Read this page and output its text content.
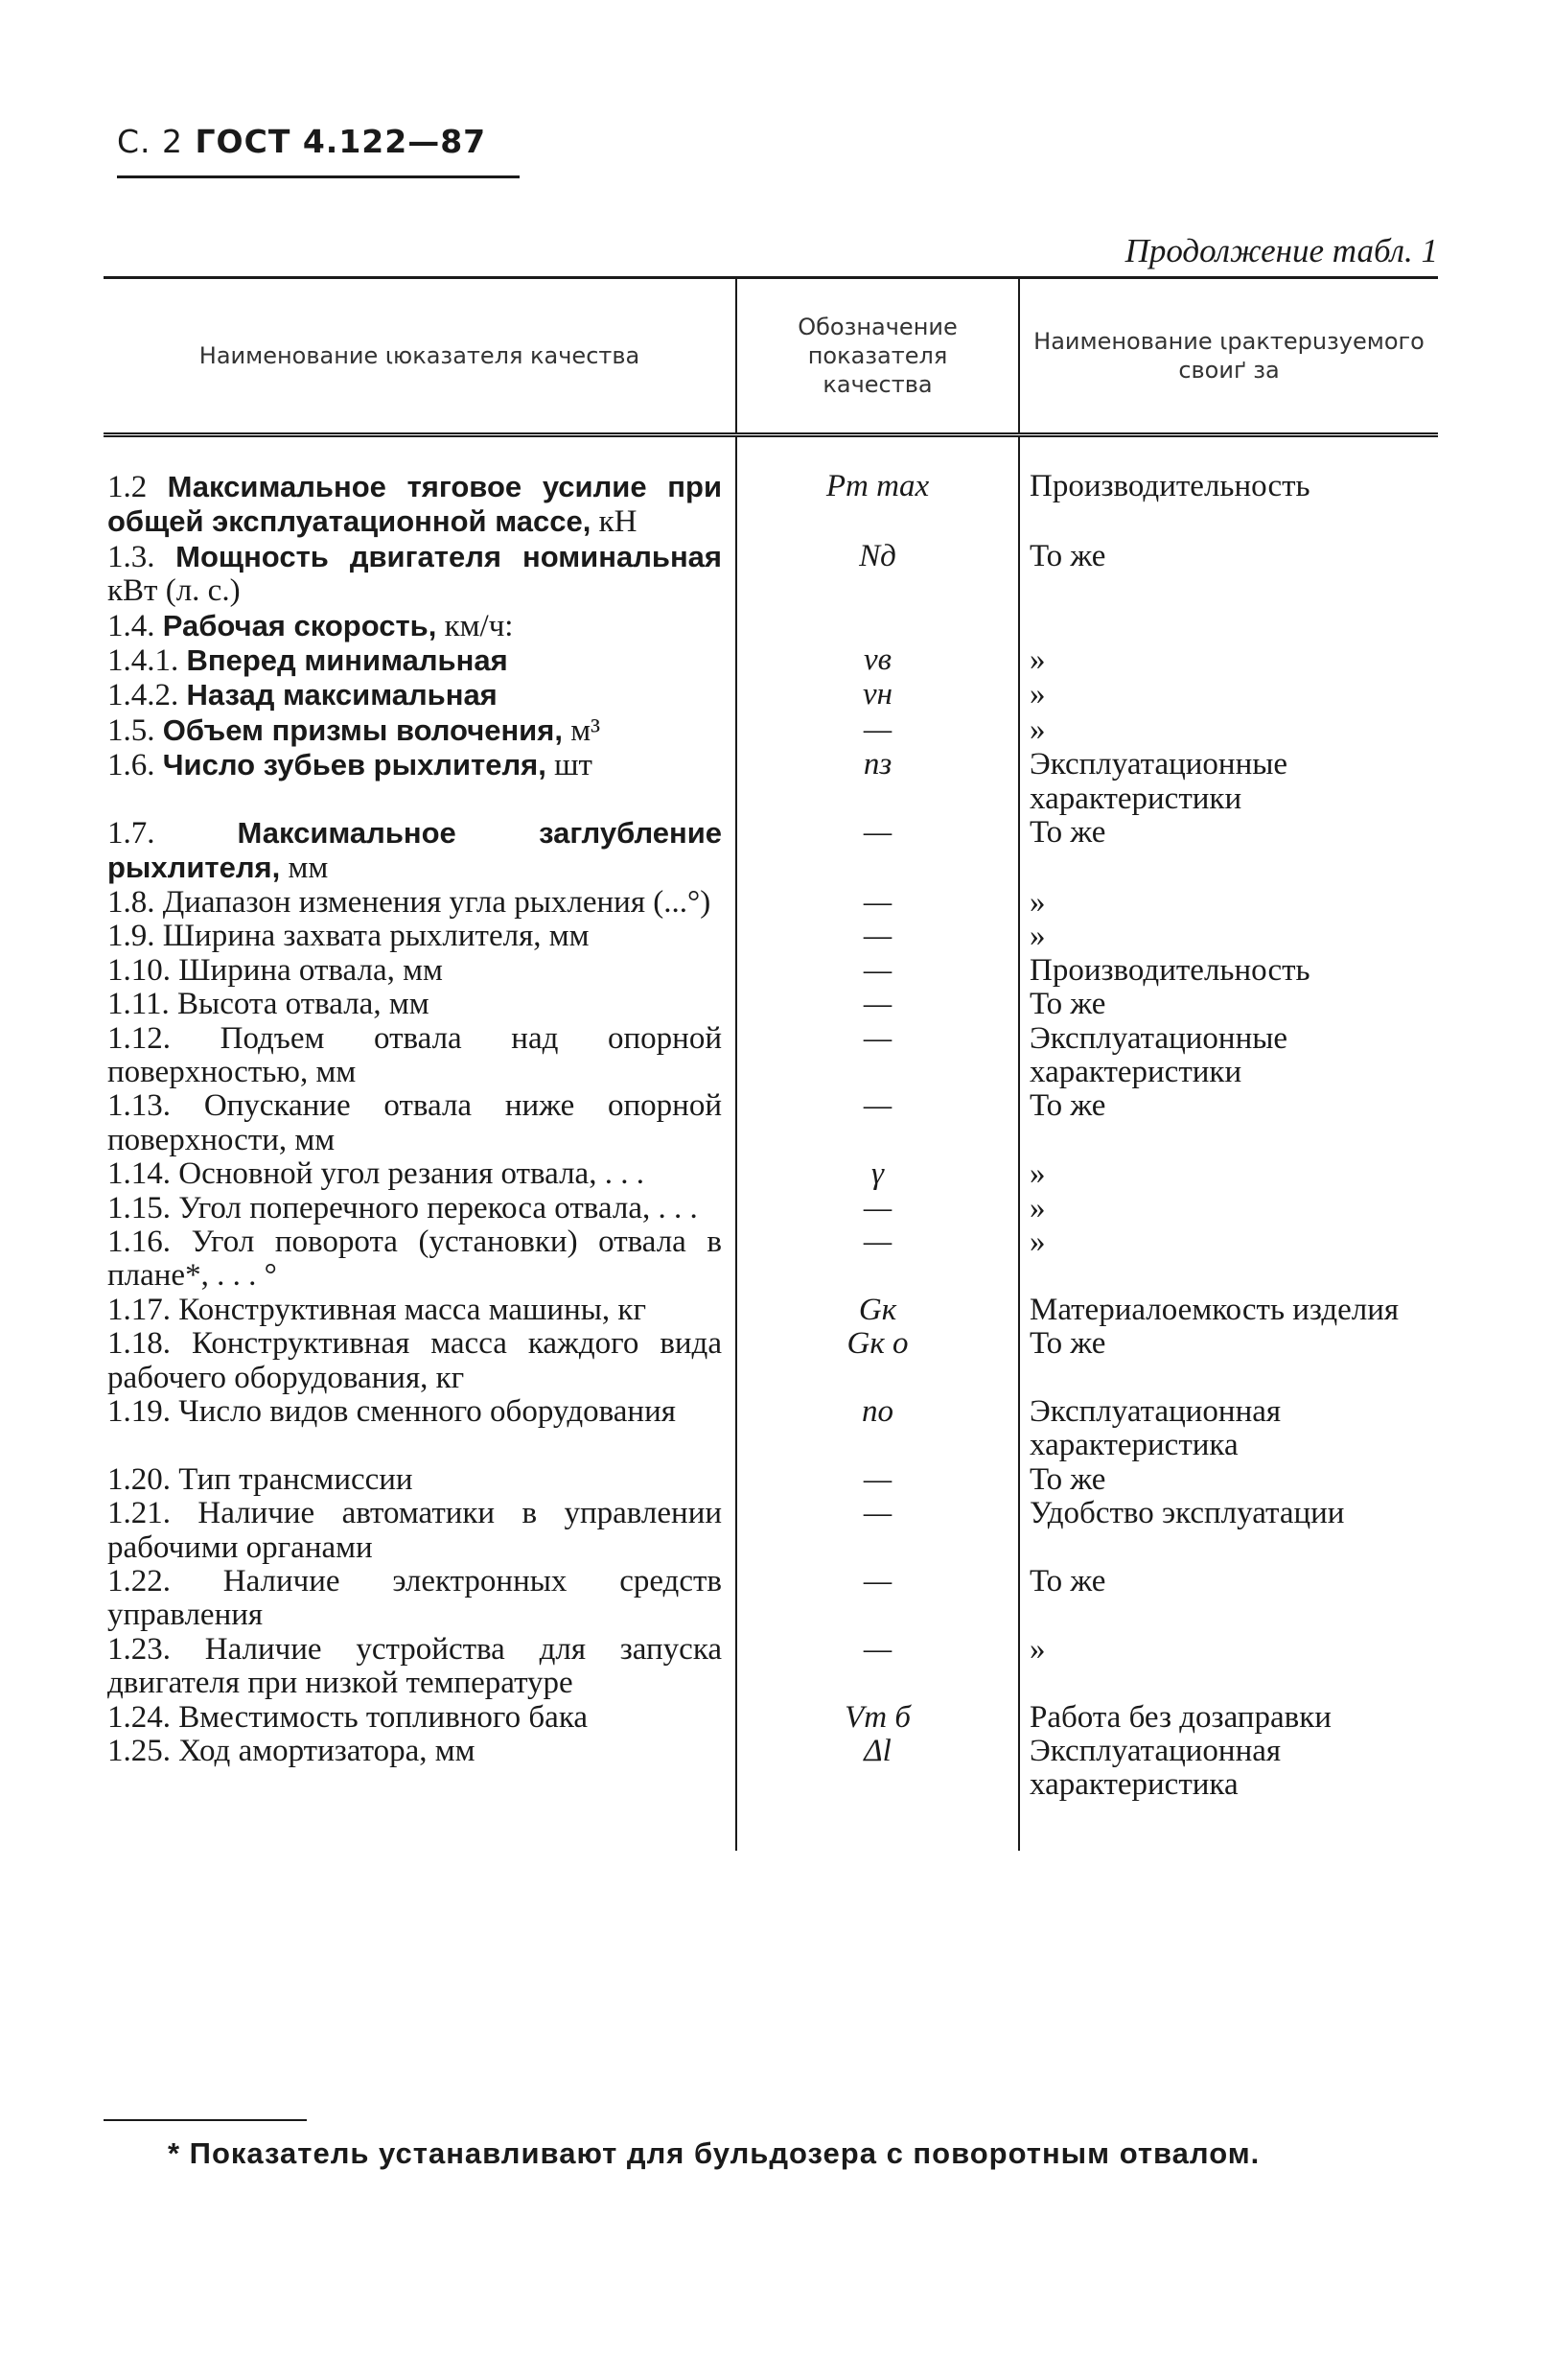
С. 2 ГОСТ 4.122—87
Продолжение табл. 1
Наименование ιюказателя качества	Обозначение показателя качества	Наименование ιрактерuзуемого своиґ за
1.2 Максимальное тяговое усилие при общей эксплуатационной массе, кН	Pт max	Производительность
1.3. Мощность двигателя номинальная кВт (л. с.)	Nд	То же
1.4. Рабочая скорость, км/ч:		
1.4.1. Вперед минимальная	vв	»
1.4.2. Назад максимальная	vн	»
1.5. Объем призмы волочения, м³	—	»
1.6. Число зубьев рыхлителя, шт	nз	Эксплуатационные характеристики
1.7. Максимальное заглубление рыхлителя, мм	—	То же
1.8. Диапазон изменения угла рыхления (...°)	—	»
1.9. Ширина захвата рыхлителя, мм	—	»
1.10. Ширина отвала, мм	—	Производительность
1.11. Высота отвала, мм	—	То же
1.12. Подъем отвала над опорной поверхностью, мм	—	Эксплуатационные характеристики
1.13. Опускание отвала ниже опорной поверхности, мм	—	То же
1.14. Основной угол резания отвала, . . .	γ	»
1.15. Угол поперечного перекоса отвала, . . .	—	»
1.16. Угол поворота (установки) отвала в плане*, . . . °	—	»
1.17. Конструктивная масса машины, кг	Gк	Материалоемкость изделия
1.18. Конструктивная масса каждого вида рабочего оборудования, кг	Gк о	То же
1.19. Число видов сменного оборудования	nо	Эксплуатационная характеристика
1.20. Тип трансмиссии	—	То же
1.21. Наличие автоматики в управлении рабочими органами	—	Удобство эксплуатации
1.22. Наличие электронных средств управления	—	То же
1.23. Наличие устройства для запуска двигателя при низкой температуре	—	»
1.24. Вместимость топливного бака	Vт б	Работа без дозаправки
1.25. Ход амортизатора, мм	Δl	Эксплуатационная характеристика
* Показатель устанавливают для бульдозера с поворотным отвалом.
